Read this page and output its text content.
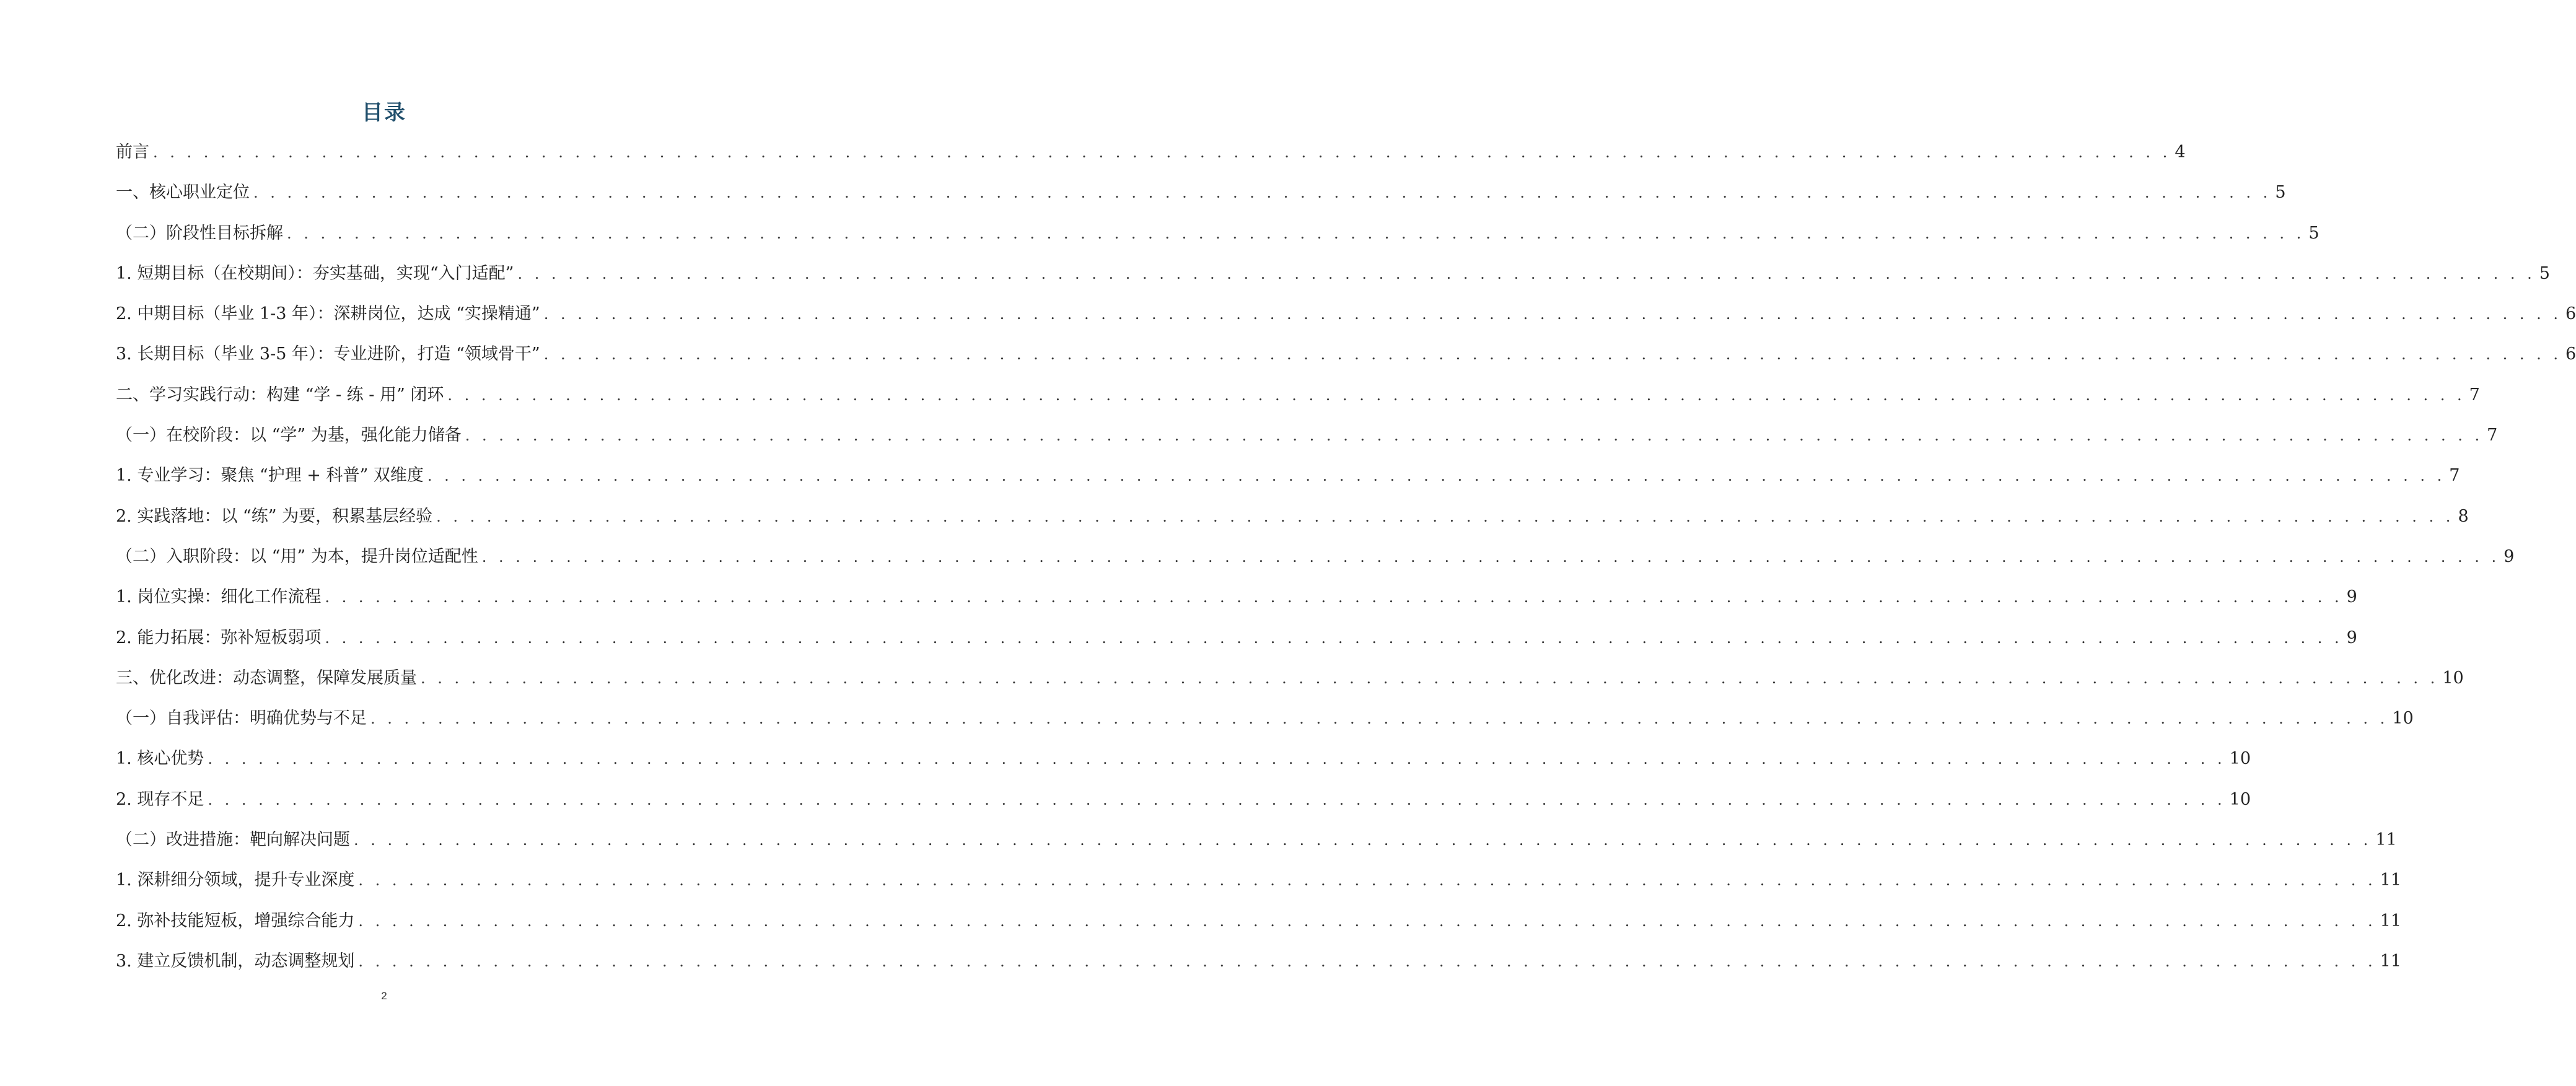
目录
前言 . . . . . . . . . . . . . . . . . . . . . . . . . . . . . . . . . . . . . . . . . . . . . . . . . . . . . . . . . . . . . . . . . . . . . . . . . . . . . . . . . . . . . . . . . . . . . . . . . . . . . . . . . . . . . . . . . . . . . . . . 4
一、核心职业定位 . . . . . . . . . . . . . . . . . . . . . . . . . . . . . . . . . . . . . . . . . . . . . . . . . . . . . . . . . . . . . . . . . . . . . . . . . . . . . . . . . . . . . . . . . . . . . . . . . . . . . . . . . . . . . . . . . . . . . . . . 5
（二）阶段性目标拆解 . . . . . . . . . . . . . . . . . . . . . . . . . . . . . . . . . . . . . . . . . . . . . . . . . . . . . . . . . . . . . . . . . . . . . . . . . . . . . . . . . . . . . . . . . . . . . . . . . . . . . . . . . . . . . . . . . . . . . . . . 5
1. 短期目标（在校期间）：夯实基础，实现“入门适配” . . . . . . . . . . . . . . . . . . . . . . . . . . . . . . . . . . . . . . . . . . . . . . . . . . . . . . . . . . . . . . . . . . . . . . . . . . . . . . . . . . . . . . . . . . . . . . . . . . . . . . . . . . . . . . . . . . . . . . . . 5
2. 中期目标（毕业 1-3 年）：深耕岗位，达成 “实操精通” . . . . . . . . . . . . . . . . . . . . . . . . . . . . . . . . . . . . . . . . . . . . . . . . . . . . . . . . . . . . . . . . . . . . . . . . . . . . . . . . . . . . . . . . . . . . . . . . . . . . . . . . . . . . . . . . . . . . . . . . 6
3. 长期目标（毕业 3-5 年）：专业进阶，打造 “领域骨干” . . . . . . . . . . . . . . . . . . . . . . . . . . . . . . . . . . . . . . . . . . . . . . . . . . . . . . . . . . . . . . . . . . . . . . . . . . . . . . . . . . . . . . . . . . . . . . . . . . . . . . . . . . . . . . . . . . . . . . . . 6
二、学习实践行动：构建 “学 - 练 - 用” 闭环 . . . . . . . . . . . . . . . . . . . . . . . . . . . . . . . . . . . . . . . . . . . . . . . . . . . . . . . . . . . . . . . . . . . . . . . . . . . . . . . . . . . . . . . . . . . . . . . . . . . . . . . . . . . . . . . . . . . . . . . . 7
（一）在校阶段：以 “学” 为基，强化能力储备 . . . . . . . . . . . . . . . . . . . . . . . . . . . . . . . . . . . . . . . . . . . . . . . . . . . . . . . . . . . . . . . . . . . . . . . . . . . . . . . . . . . . . . . . . . . . . . . . . . . . . . . . . . . . . . . . . . . . . . . . 7
1. 专业学习：聚焦 “护理 + 科普” 双维度 . . . . . . . . . . . . . . . . . . . . . . . . . . . . . . . . . . . . . . . . . . . . . . . . . . . . . . . . . . . . . . . . . . . . . . . . . . . . . . . . . . . . . . . . . . . . . . . . . . . . . . . . . . . . . . . . . . . . . . . . 7
2. 实践落地：以 “练” 为要，积累基层经验 . . . . . . . . . . . . . . . . . . . . . . . . . . . . . . . . . . . . . . . . . . . . . . . . . . . . . . . . . . . . . . . . . . . . . . . . . . . . . . . . . . . . . . . . . . . . . . . . . . . . . . . . . . . . . . . . . . . . . . . . 8
（二）入职阶段：以 “用” 为本，提升岗位适配性 . . . . . . . . . . . . . . . . . . . . . . . . . . . . . . . . . . . . . . . . . . . . . . . . . . . . . . . . . . . . . . . . . . . . . . . . . . . . . . . . . . . . . . . . . . . . . . . . . . . . . . . . . . . . . . . . . . . . . . . . 9
1. 岗位实操：细化工作流程 . . . . . . . . . . . . . . . . . . . . . . . . . . . . . . . . . . . . . . . . . . . . . . . . . . . . . . . . . . . . . . . . . . . . . . . . . . . . . . . . . . . . . . . . . . . . . . . . . . . . . . . . . . . . . . . . . . . . . . . . 9
2. 能力拓展：弥补短板弱项 . . . . . . . . . . . . . . . . . . . . . . . . . . . . . . . . . . . . . . . . . . . . . . . . . . . . . . . . . . . . . . . . . . . . . . . . . . . . . . . . . . . . . . . . . . . . . . . . . . . . . . . . . . . . . . . . . . . . . . . . 9
三、优化改进：动态调整，保障发展质量 . . . . . . . . . . . . . . . . . . . . . . . . . . . . . . . . . . . . . . . . . . . . . . . . . . . . . . . . . . . . . . . . . . . . . . . . . . . . . . . . . . . . . . . . . . . . . . . . . . . . . . . . . . . . . . . . . . . . . . . . 10
（一）自我评估：明确优势与不足 . . . . . . . . . . . . . . . . . . . . . . . . . . . . . . . . . . . . . . . . . . . . . . . . . . . . . . . . . . . . . . . . . . . . . . . . . . . . . . . . . . . . . . . . . . . . . . . . . . . . . . . . . . . . . . . . . . . . . . . . 10
1. 核心优势 . . . . . . . . . . . . . . . . . . . . . . . . . . . . . . . . . . . . . . . . . . . . . . . . . . . . . . . . . . . . . . . . . . . . . . . . . . . . . . . . . . . . . . . . . . . . . . . . . . . . . . . . . . . . . . . . . . . . . . . . 10
2. 现存不足 . . . . . . . . . . . . . . . . . . . . . . . . . . . . . . . . . . . . . . . . . . . . . . . . . . . . . . . . . . . . . . . . . . . . . . . . . . . . . . . . . . . . . . . . . . . . . . . . . . . . . . . . . . . . . . . . . . . . . . . . 10
（二）改进措施：靶向解决问题 . . . . . . . . . . . . . . . . . . . . . . . . . . . . . . . . . . . . . . . . . . . . . . . . . . . . . . . . . . . . . . . . . . . . . . . . . . . . . . . . . . . . . . . . . . . . . . . . . . . . . . . . . . . . . . . . . . . . . . . . 11
1. 深耕细分领域，提升专业深度 . . . . . . . . . . . . . . . . . . . . . . . . . . . . . . . . . . . . . . . . . . . . . . . . . . . . . . . . . . . . . . . . . . . . . . . . . . . . . . . . . . . . . . . . . . . . . . . . . . . . . . . . . . . . . . . . . . . . . . . . 11
2. 弥补技能短板，增强综合能力 . . . . . . . . . . . . . . . . . . . . . . . . . . . . . . . . . . . . . . . . . . . . . . . . . . . . . . . . . . . . . . . . . . . . . . . . . . . . . . . . . . . . . . . . . . . . . . . . . . . . . . . . . . . . . . . . . . . . . . . . 11
3. 建立反馈机制，动态调整规划 . . . . . . . . . . . . . . . . . . . . . . . . . . . . . . . . . . . . . . . . . . . . . . . . . . . . . . . . . . . . . . . . . . . . . . . . . . . . . . . . . . . . . . . . . . . . . . . . . . . . . . . . . . . . . . . . . . . . . . . . 11
2
